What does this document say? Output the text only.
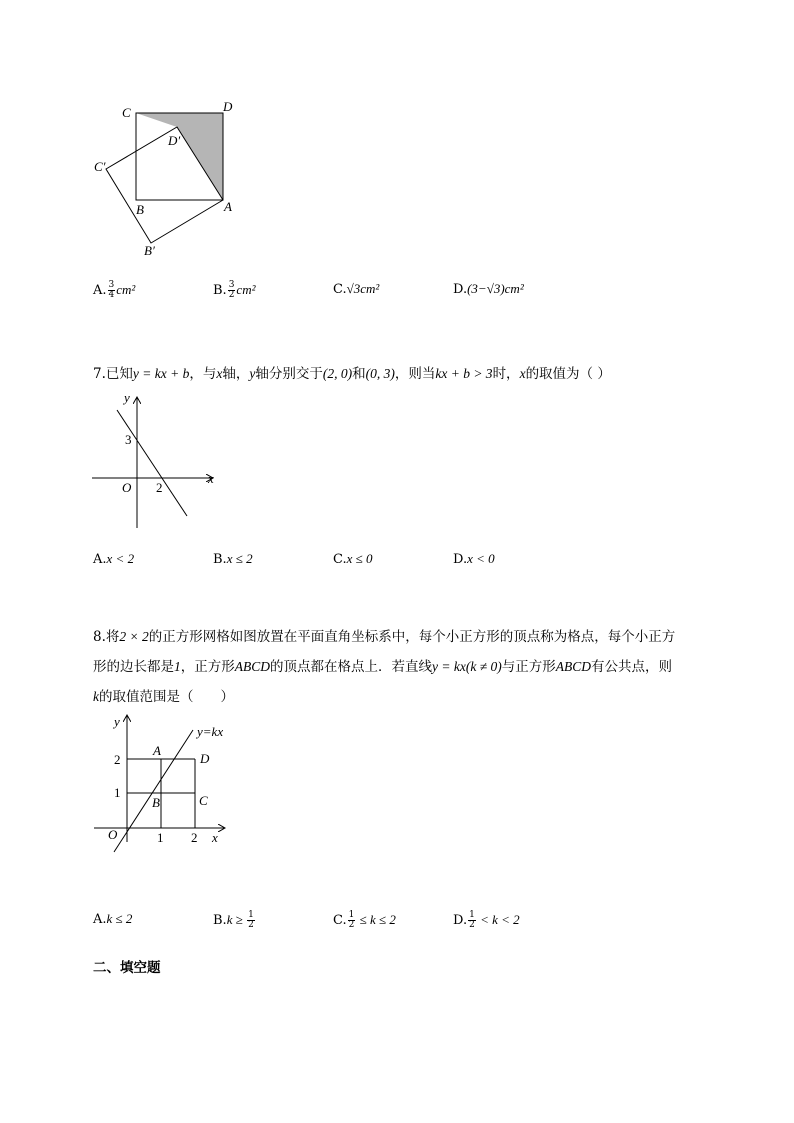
C	D
C′
D′
B	A
B′
A. $\frac{3}{4} cm^2$	B. $\frac{3}{2} cm^2$	C.√3cm²	D.(3−√3)cm²
7.已知y = kx + b，与x轴，y轴分别交于(2, 0)和(0, 3)，则当kx + b > 3时，x的取值为（ ）
y
x
3
O 2
A.x < 2	B.x ≤ 2	C.x ≤ 0	D.x < 0
8.将2 × 2的正方形网格如图放置在平面直角坐标系中，每个小正方形的顶点称为格点，每个小正方
形的边长都是1，正方形ABCD的顶点都在格点上．若直线y = kx(k ≠ 0)与正方形ABCD有公共点，则
k的取值范围是（　　）
y
y=kx
A
D
2
1
B	C
O	1 2 x
A.k ≤ 2	$B.k \ge \frac{1}{2}$	C. $\frac{1}{2} \le k \le 2$	D. $\frac{1}{2} < k < 2$
二、填空题
